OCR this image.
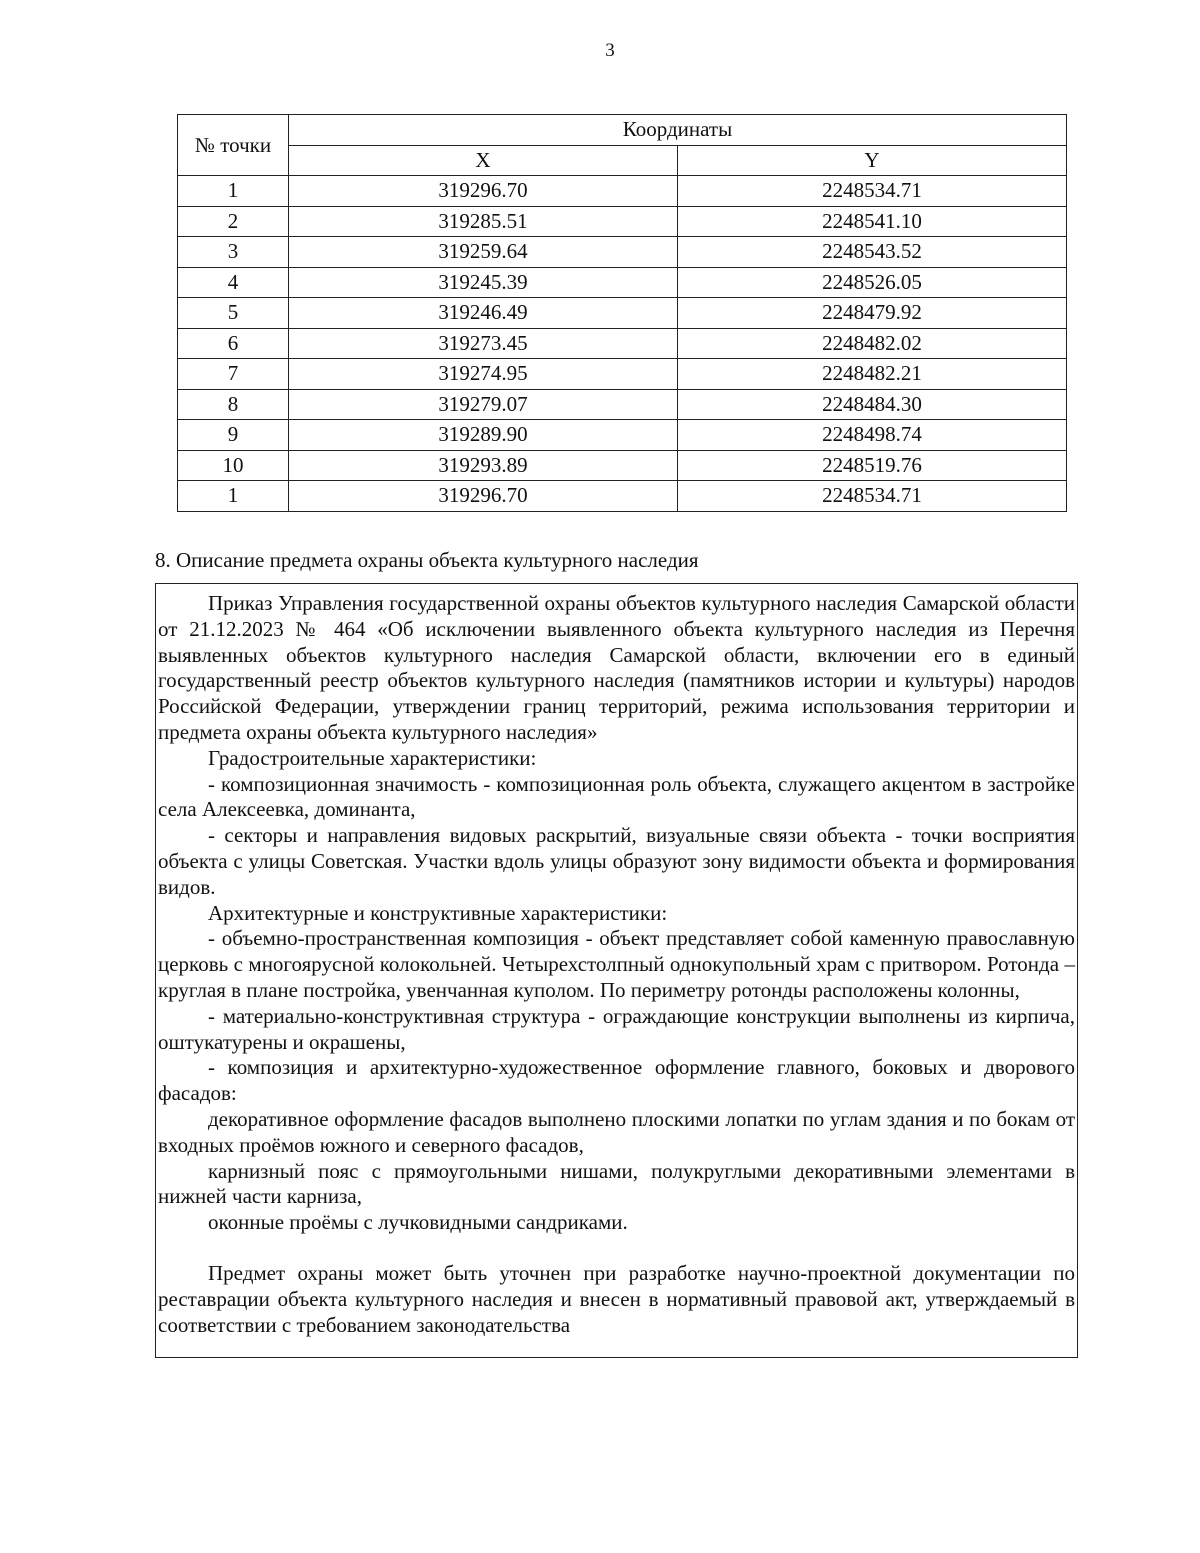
3
№ точки	Координаты	
	X	Y
1	319296.70	2248534.71
2	319285.51	2248541.10
3	319259.64	2248543.52
4	319245.39	2248526.05
5	319246.49	2248479.92
6	319273.45	2248482.02
7	319274.95	2248482.21
8	319279.07	2248484.30
9	319289.90	2248498.74
10	319293.89	2248519.76
1	319296.70	2248534.71
8. Описание предмета охраны объекта культурного наследия

Приказ Управления государственной охраны объектов культурного наследия Самарской области от 21.12.2023 № 464 «Об исключении выявленного объекта культурного наследия из Перечня выявленных объектов культурного наследия Самарской области, включении его в единый государственный реестр объектов культурного наследия (памятников истории и культуры) народов Российской Федерации, утверждении границ территорий, режима использования территории и предмета охраны объекта культурного наследия»

Градостроительные характеристики:

- композиционная значимость - композиционная роль объекта, служащего акцентом в застройке села Алексеевка, доминанта,

- секторы и направления видовых раскрытий, визуальные связи объекта - точки восприятия объекта с улицы Советская. Участки вдоль улицы образуют зону видимости объекта и формирования видов.

Архитектурные и конструктивные характеристики:

- объемно-пространственная композиция - объект представляет собой каменную православную церковь с многоярусной колокольней. Четырехстолпный однокупольный храм с притвором. Ротонда – круглая в плане постройка, увенчанная куполом. По периметру ротонды расположены колонны,

- материально-конструктивная структура - ограждающие конструкции выполнены из кирпича, оштукатурены и окрашены,

- композиция и архитектурно-художественное оформление главного, боковых и дворового фасадов:

декоративное оформление фасадов выполнено плоскими лопатки по углам здания и по бокам от входных проёмов южного и северного фасадов,

карнизный пояс с прямоугольными нишами, полукруглыми декоративными элементами в нижней части карниза,

оконные проёмы с лучковидными сандриками.

Предмет охраны может быть уточнен при разработке научно-проектной документации по реставрации объекта культурного наследия и внесен в нормативный правовой акт, утверждаемый в соответствии с требованием законодательства
